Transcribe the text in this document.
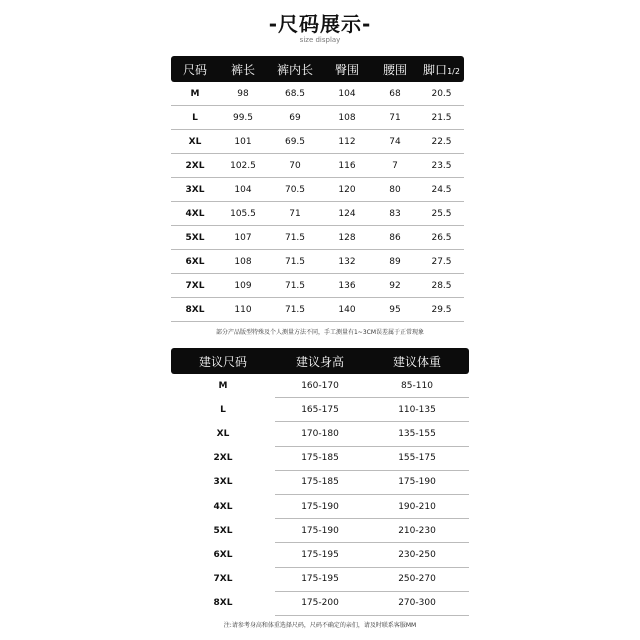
-尺码展示-
size display
尺码	裤长	裤内长	臀围	腰围	脚口1/2
M	98	68.5	104	68	20.5
L	99.5	69	108	71	21.5
XL	101	69.5	112	74	22.5
2XL	102.5	70	116	7	23.5
3XL	104	70.5	120	80	24.5
4XL	105.5	71	124	83	25.5
5XL	107	71.5	128	86	26.5
6XL	108	71.5	132	89	27.5
7XL	109	71.5	136	92	28.5
8XL	110	71.5	140	95	29.5
部分产品版型特殊及个人测量方法不同，手工测量有1~3CM误差属于正常现象
建议尺码	建议身高	建议体重
M	160-170	85-110
L	165-175	110-135
XL	170-180	135-155
2XL	175-185	155-175
3XL	175-185	175-190
4XL	175-190	190-210
5XL	175-190	210-230
6XL	175-195	230-250
7XL	175-195	250-270
8XL	175-200	270-300
注:请参考身高和体重选择尺码，尺码不确定的亲们，请及时联系客服MM
